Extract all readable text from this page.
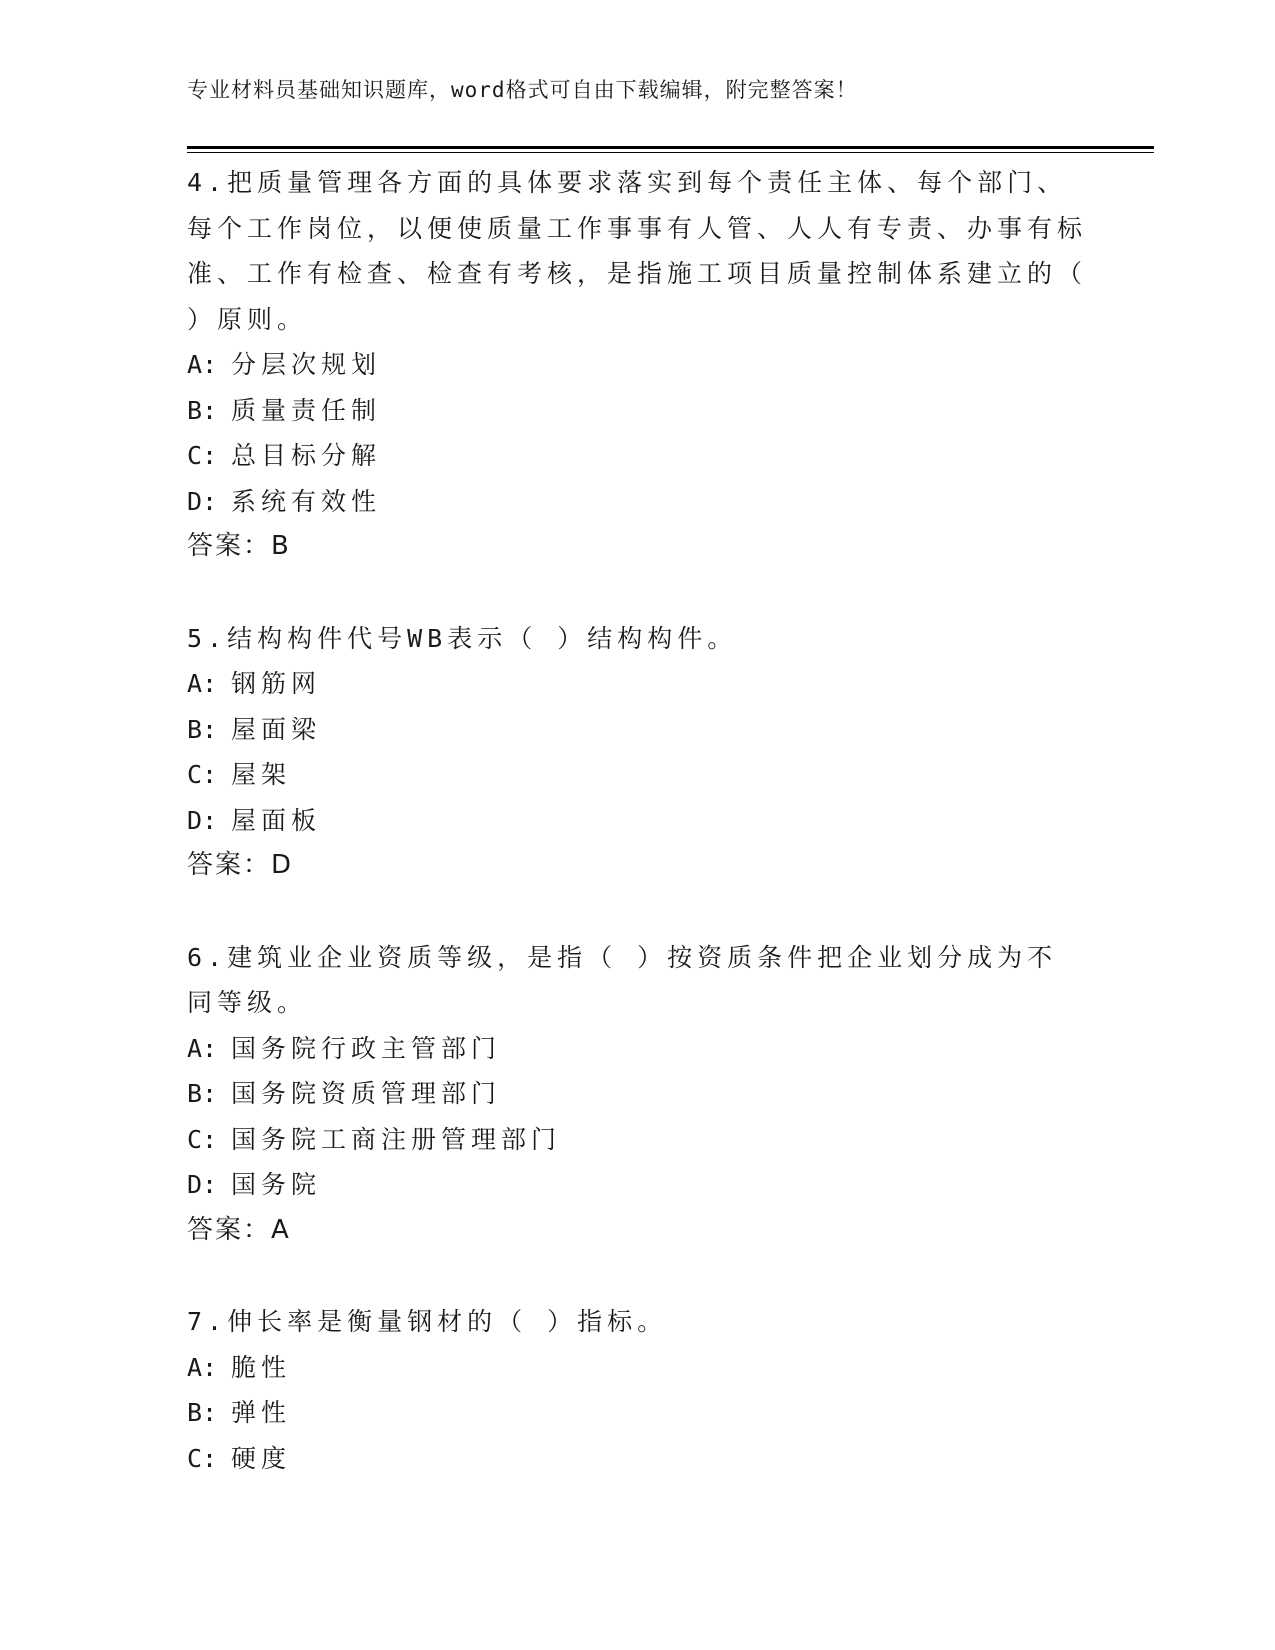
专业材料员基础知识题库，word格式可自由下载编辑，附完整答案！
4.把质量管理各方面的具体要求落实到每个责任主体、每个部门、每个工作岗位，以便使质量工作事事有人管、人人有专责、办事有标准、工作有检查、检查有考核，是指施工项目质量控制体系建立的（ ）原则。
A: 分层次规划
B: 质量责任制
C: 总目标分解
D: 系统有效性
答案：B
5.结构构件代号WB表示（ ）结构构件。
A: 钢筋网
B: 屋面梁
C: 屋架
D: 屋面板
答案：D
6.建筑业企业资质等级，是指（ ）按资质条件把企业划分成为不同等级。
A: 国务院行政主管部门
B: 国务院资质管理部门
C: 国务院工商注册管理部门
D: 国务院
答案：A
7.伸长率是衡量钢材的（ ）指标。
A: 脆性
B: 弹性
C: 硬度
